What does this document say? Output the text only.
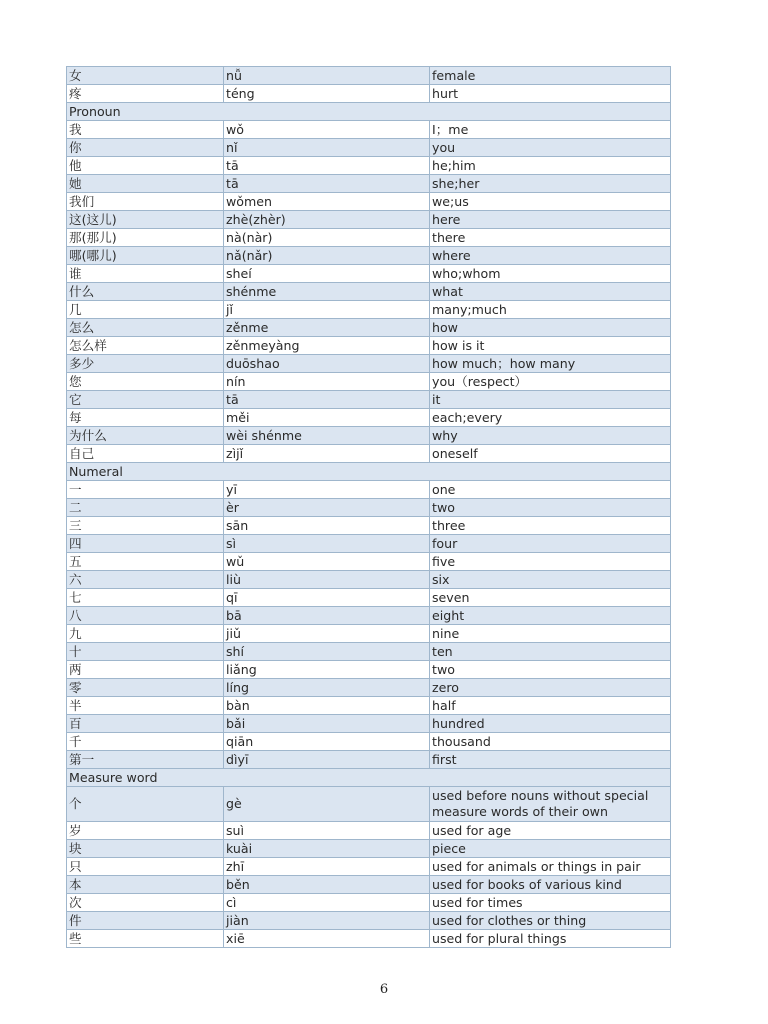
女	nǚ	female
疼	téng	hurt
Pronoun		
我	wǒ	I；me
你	nǐ	you
他	tā	he;him
她	tā	she;her
我们	wǒmen	we;us
这(这儿)	zhè(zhèr)	here
那(那儿)	nà(nàr)	there
哪(哪儿)	nǎ(nǎr)	where
谁	sheí	who;whom
什么	shénme	what
几	jǐ	many;much
怎么	zěnme	how
怎么样	zěnmeyàng	how is it
多少	duōshao	how much；how many
您	nín	you（respect）
它	tā	it
每	měi	each;every
为什么	wèi shénme	why
自己	zìjǐ	oneself
Numeral		
一	yī	one
二	èr	two
三	sān	three
四	sì	four
五	wǔ	five
六	liù	six
七	qī	seven
八	bā	eight
九	jiǔ	nine
十	shí	ten
两	liǎng	two
零	líng	zero
半	bàn	half
百	bǎi	hundred
千	qiān	thousand
第一	dìyī	first
Measure word		
个	gè	used before nouns without special measure words of their own
岁	suì	used for age
块	kuài	piece
只	zhī	used for animals or things in pair
本	běn	used for books of various kind
次	cì	used for times
件	jiàn	used for clothes or thing
些	xiē	used for plural things
6
